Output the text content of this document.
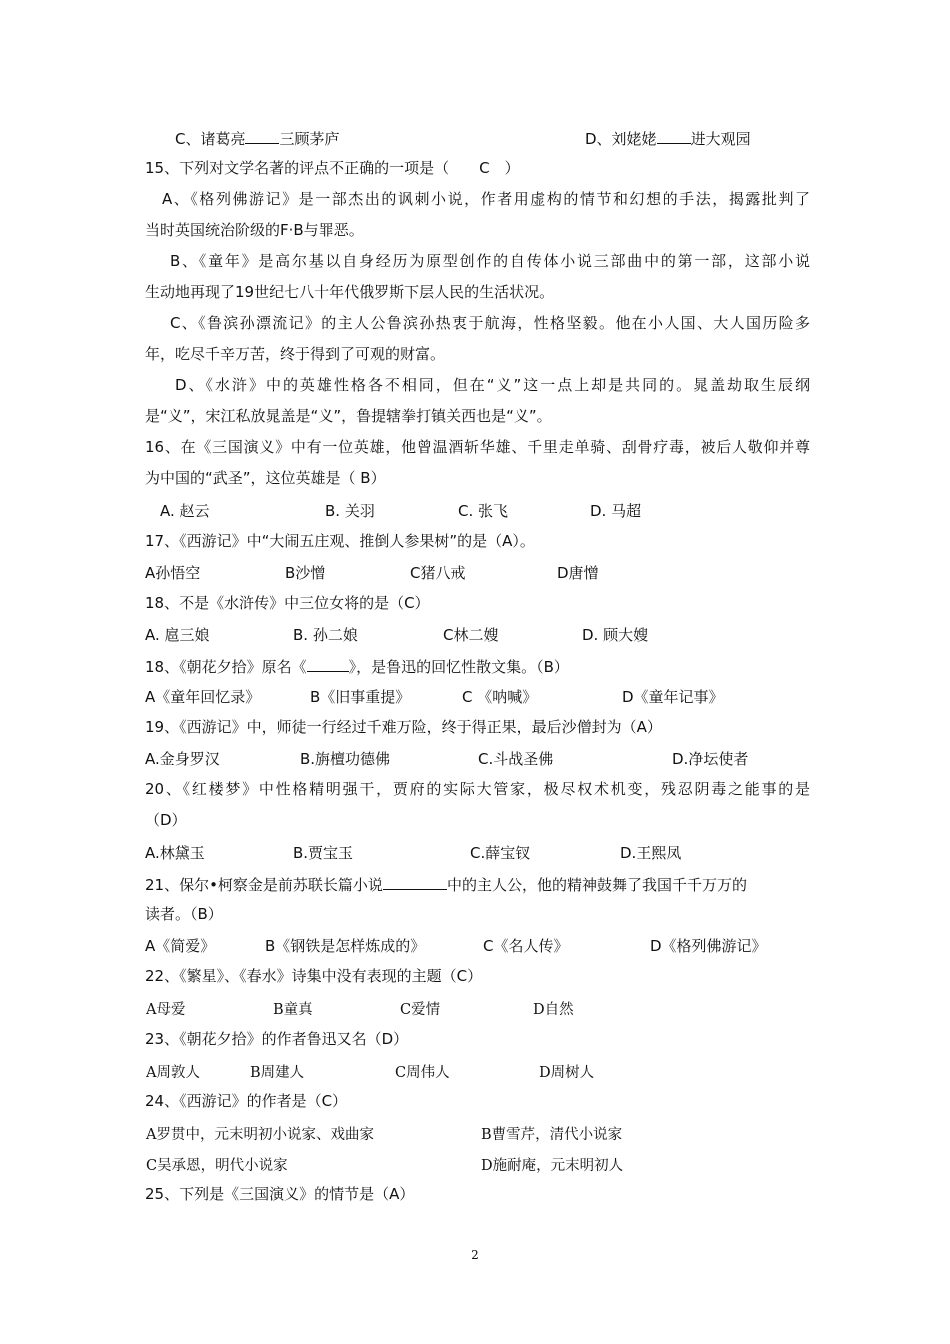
C、诸葛亮 三顾茅庐	D、刘姥姥 进大观园
15、下列对文学名著的评点不正确的一项是（　　C　）
A、《格列佛游记》是一部杰出的讽刺小说，作者用虚构的情节和幻想的手法，揭露批判了
当时英国统治阶级的F·B与罪恶。
B、《童年》是高尔基以自身经历为原型创作的自传体小说三部曲中的第一部，这部小说
生动地再现了19世纪七八十年代俄罗斯下层人民的生活状况。
C、《鲁滨孙漂流记》的主人公鲁滨孙热衷于航海，性格坚毅。他在小人国、大人国历险多
年，吃尽千辛万苦，终于得到了可观的财富。
D、《水浒》中的英雄性格各不相同，但在“义”这一点上却是共同的。晁盖劫取生辰纲
是“义”，宋江私放晁盖是“义”，鲁提辖拳打镇关西也是“义”。
16、在《三国演义》中有一位英雄，他曾温酒斩华雄、千里走单骑、刮骨疗毒，被后人敬仰并尊
为中国的“武圣”，这位英雄是（ B）
A. 赵云	B. 关羽	C. 张飞	D. 马超
17、《西游记》中“大闹五庄观、推倒人参果树”的是（A）。
A孙悟空	B沙憎	C猪八戒	D唐憎
18、不是《水浒传》中三位女将的是（C）
A. 扈三娘	B. 孙二娘	C林二嫂	D. 顾大嫂
18、《朝花夕拾》原名《	》，是鲁迅的回忆性散文集。（B）
A《童年回忆录》	B《旧事重提》	C 《呐喊》	D《童年记事》
19、《西游记》中，师徒一行经过千难万险，终于得正果，最后沙僧封为（A）
A.金身罗汉	B.旃檀功德佛	C.斗战圣佛	D.净坛使者
20、《红楼梦》中性格精明强干，贾府的实际大管家，极尽权术机变，残忍阴毒之能事的是
（D）
A.林黛玉	B.贾宝玉	C.薛宝钗	D.王熙凤
21、保尔•柯察金是前苏联长篇小说	中的主人公，他的精神鼓舞了我国千千万万的
读者。（B）
A《简爱》	B《钢铁是怎样炼成的》	C《名人传》	D《格列佛游记》
22、《繁星》、《春水》诗集中没有表现的主题（C）
A母爱	B童真	C爱情	D自然
23、《朝花夕拾》的作者鲁迅又名（D）
A周敦人	B周建人	C周伟人	D周树人
24、《西游记》的作者是（C）
A罗贯中，元末明初小说家、戏曲家	B曹雪芹，清代小说家
C吴承恩，明代小说家	D施耐庵，元末明初人
25、下列是《三国演义》的情节是（A）
2
